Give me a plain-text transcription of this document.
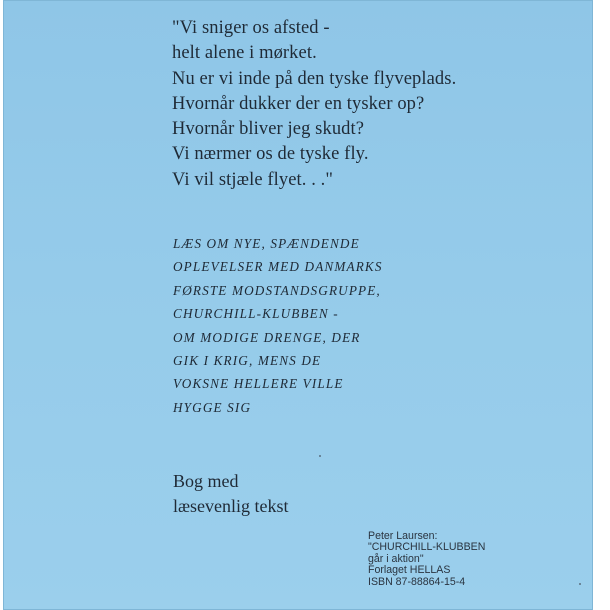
"Vi sniger os afsted -
helt alene i mørket.
Nu er vi inde på den tyske flyveplads.
Hvornår dukker der en tysker op?
Hvornår bliver jeg skudt?
Vi nærmer os de tyske fly.
Vi vil stjæle flyet. . ."
LÆS OM NYE, SPÆNDENDE
OPLEVELSER MED DANMARKS
FØRSTE MODSTANDSGRUPPE,
CHURCHILL-KLUBBEN -
OM MODIGE DRENGE, DER
GIK I KRIG, MENS DE
VOKSNE HELLERE VILLE
HYGGE SIG
Bog med
læsevenlig tekst
Peter Laursen:
"CHURCHILL-KLUBBEN
går i aktion"
Forlaget HELLAS
ISBN 87-88864-15-4
